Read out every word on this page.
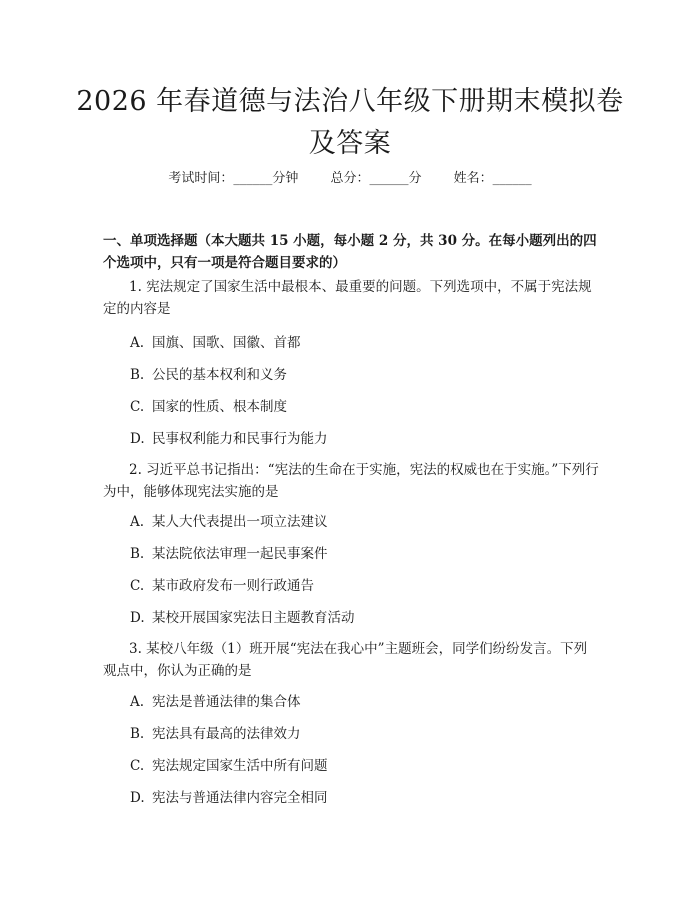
2026 年春道德与法治八年级下册期末模拟卷
及答案
考试时间：______分钟 总分：______分 姓名：______
一、单项选择题（本大题共 15 小题，每小题 2 分，共 30 分。在每小题列出的四个选项中，只有一项是符合题目要求的）
1. 宪法规定了国家生活中最根本、最重要的问题。下列选项中，不属于宪法规定的内容是
A. 国旗、国歌、国徽、首都
B. 公民的基本权利和义务
C. 国家的性质、根本制度
D. 民事权利能力和民事行为能力
2. 习近平总书记指出：“宪法的生命在于实施，宪法的权威也在于实施。”下列行为中，能够体现宪法实施的是
A. 某人大代表提出一项立法建议
B. 某法院依法审理一起民事案件
C. 某市政府发布一则行政通告
D. 某校开展国家宪法日主题教育活动
3. 某校八年级（1）班开展“宪法在我心中”主题班会，同学们纷纷发言。下列观点中，你认为正确的是
A. 宪法是普通法律的集合体
B. 宪法具有最高的法律效力
C. 宪法规定国家生活中所有问题
D. 宪法与普通法律内容完全相同
